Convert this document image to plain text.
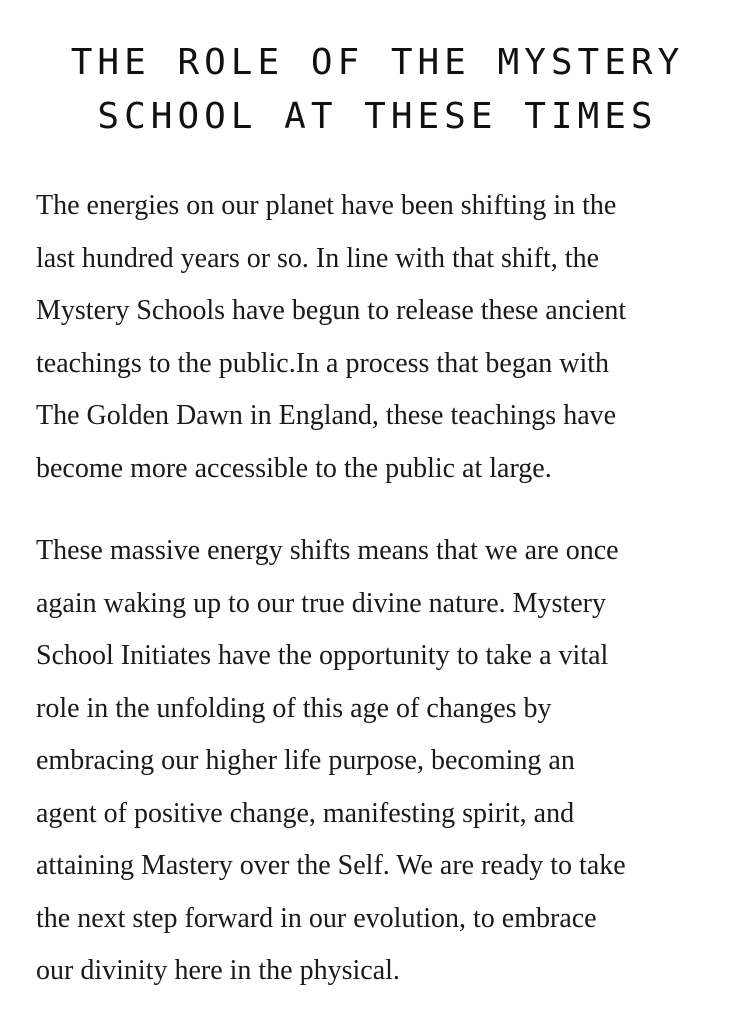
THE ROLE OF THE MYSTERY
SCHOOL AT THESE TIMES

The energies on our planet have been shifting in the
last hundred years or so. In line with that shift, the
Mystery Schools have begun to release these ancient
teachings to the public.In a process that began with
The Golden Dawn in England, these teachings have
become more accessible to the public at large.

These massive energy shifts means that we are once
again waking up to our true divine nature. Mystery
School Initiates have the opportunity to take a vital
role in the unfolding of this age of changes by
embracing our higher life purpose, becoming an
agent of positive change, manifesting spirit, and
attaining Mastery over the Self. We are ready to take
the next step forward in our evolution, to embrace
our divinity here in the physical.
